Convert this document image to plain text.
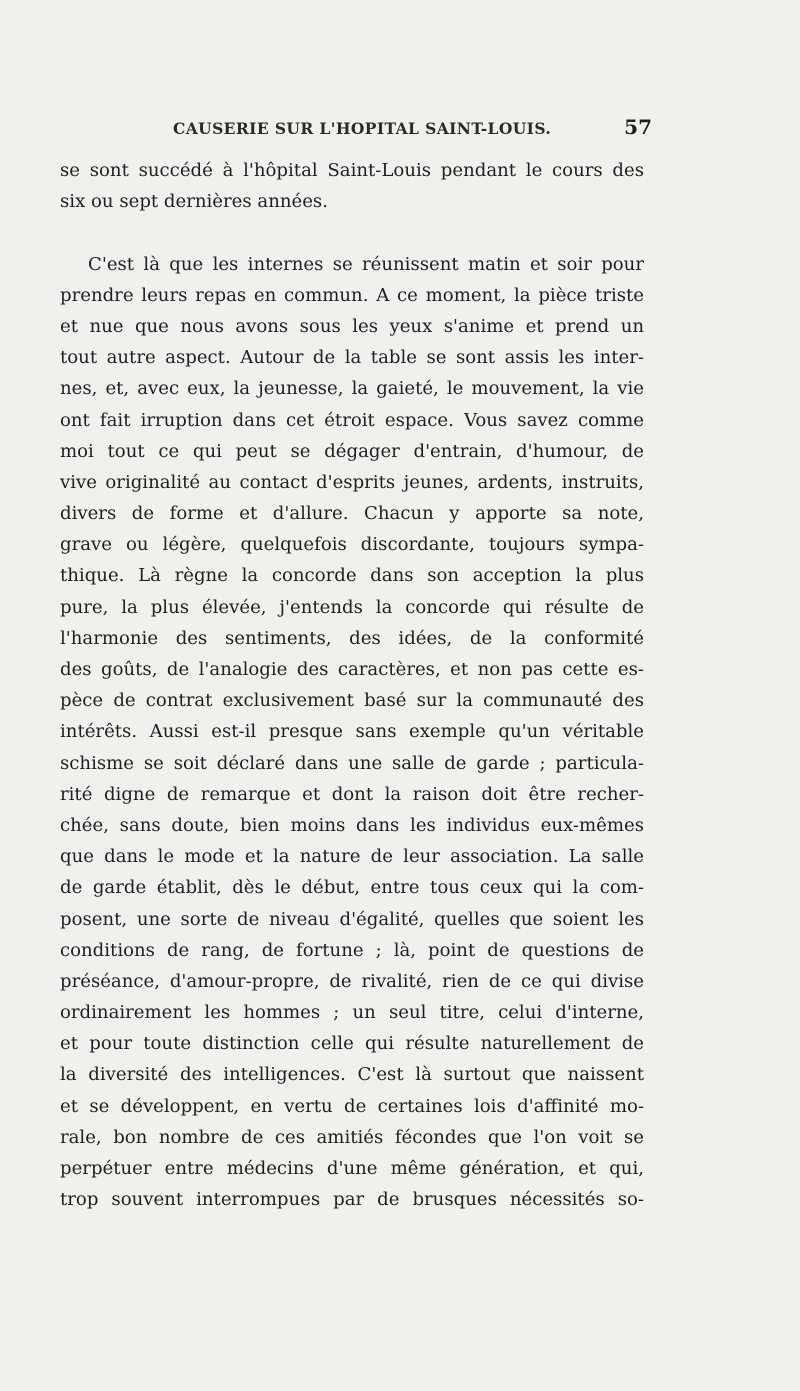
CAUSERIE SUR L'HOPITAL SAINT-LOUIS.	57
se sont succédé à l'hôpital Saint-Louis pendant le cours des
six ou sept dernières années.
C'est là que les internes se réunissent matin et soir pour
prendre leurs repas en commun. A ce moment, la pièce triste
et nue que nous avons sous les yeux s'anime et prend un
tout autre aspect. Autour de la table se sont assis les inter-
nes, et, avec eux, la jeunesse, la gaieté, le mouvement, la vie
ont fait irruption dans cet étroit espace. Vous savez comme
moi tout ce qui peut se dégager d'entrain, d'humour, de
vive originalité au contact d'esprits jeunes, ardents, instruits,
divers de forme et d'allure. Chacun y apporte sa note,
grave ou légère, quelquefois discordante, toujours sympa-
thique. Là règne la concorde dans son acception la plus
pure, la plus élevée, j'entends la concorde qui résulte de
l'harmonie des sentiments, des idées, de la conformité
des goûts, de l'analogie des caractères, et non pas cette es-
pèce de contrat exclusivement basé sur la communauté des
intérêts. Aussi est-il presque sans exemple qu'un véritable
schisme se soit déclaré dans une salle de garde ; particula-
rité digne de remarque et dont la raison doit être recher-
chée, sans doute, bien moins dans les individus eux-mêmes
que dans le mode et la nature de leur association. La salle
de garde établit, dès le début, entre tous ceux qui la com-
posent, une sorte de niveau d'égalité, quelles que soient les
conditions de rang, de fortune ; là, point de questions de
préséance, d'amour-propre, de rivalité, rien de ce qui divise
ordinairement les hommes ; un seul titre, celui d'interne,
et pour toute distinction celle qui résulte naturellement de
la diversité des intelligences. C'est là surtout que naissent
et se développent, en vertu de certaines lois d'affinité mo-
rale, bon nombre de ces amitiés fécondes que l'on voit se
perpétuer entre médecins d'une même génération, et qui,
trop souvent interrompues par de brusques nécessités so-
